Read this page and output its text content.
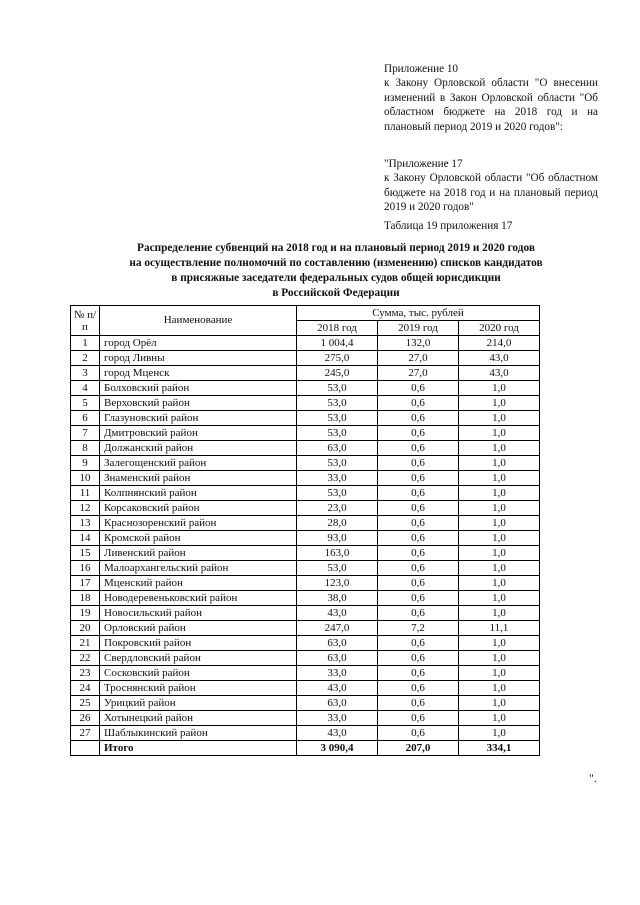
Приложение 10

к Закону Орловской области "О внесении изменений в Закон Орловской области "Об областном бюджете на 2018 год и на плановый период 2019 и 2020 годов":

"Приложение 17

к Закону Орловской области "Об областном бюджете на 2018 год и на плановый период 2019 и 2020 годов"

Таблица 19 приложения 17
Распределение субвенций на 2018 год и на плановый период 2019 и 2020 годов
на осуществление полномочий по составлению (изменению) списков кандидатов
в присяжные заседатели федеральных судов общей юрисдикции
в Российской Федерации
№ п/п	Наименование	Сумма, тыс. рублей		
		2018 год	2019 год	2020 год
1	город Орёл	1 004,4	132,0	214,0
2	город Ливны	275,0	27,0	43,0
3	город Мценск	245,0	27,0	43,0
4	Болховский район	53,0	0,6	1,0
5	Верховский район	53,0	0,6	1,0
6	Глазуновский район	53,0	0,6	1,0
7	Дмитровский район	53,0	0,6	1,0
8	Должанский район	63,0	0,6	1,0
9	Залегощенский район	53,0	0,6	1,0
10	Знаменский район	33,0	0,6	1,0
11	Колпнянский район	53,0	0,6	1,0
12	Корсаковский район	23,0	0,6	1,0
13	Краснозоренский район	28,0	0,6	1,0
14	Кромской район	93,0	0,6	1,0
15	Ливенский район	163,0	0,6	1,0
16	Малоархангельский район	53,0	0,6	1,0
17	Мценский район	123,0	0,6	1,0
18	Новодеревеньковский район	38,0	0,6	1,0
19	Новосильский район	43,0	0,6	1,0
20	Орловский район	247,0	7,2	11,1
21	Покровский район	63,0	0,6	1,0
22	Свердловский район	63,0	0,6	1,0
23	Сосковский район	33,0	0,6	1,0
24	Троснянский район	43,0	0,6	1,0
25	Урицкий район	63,0	0,6	1,0
26	Хотынецкий район	33,0	0,6	1,0
27	Шаблыкинский район	43,0	0,6	1,0
	Итого	3 090,4	207,0	334,1
".
